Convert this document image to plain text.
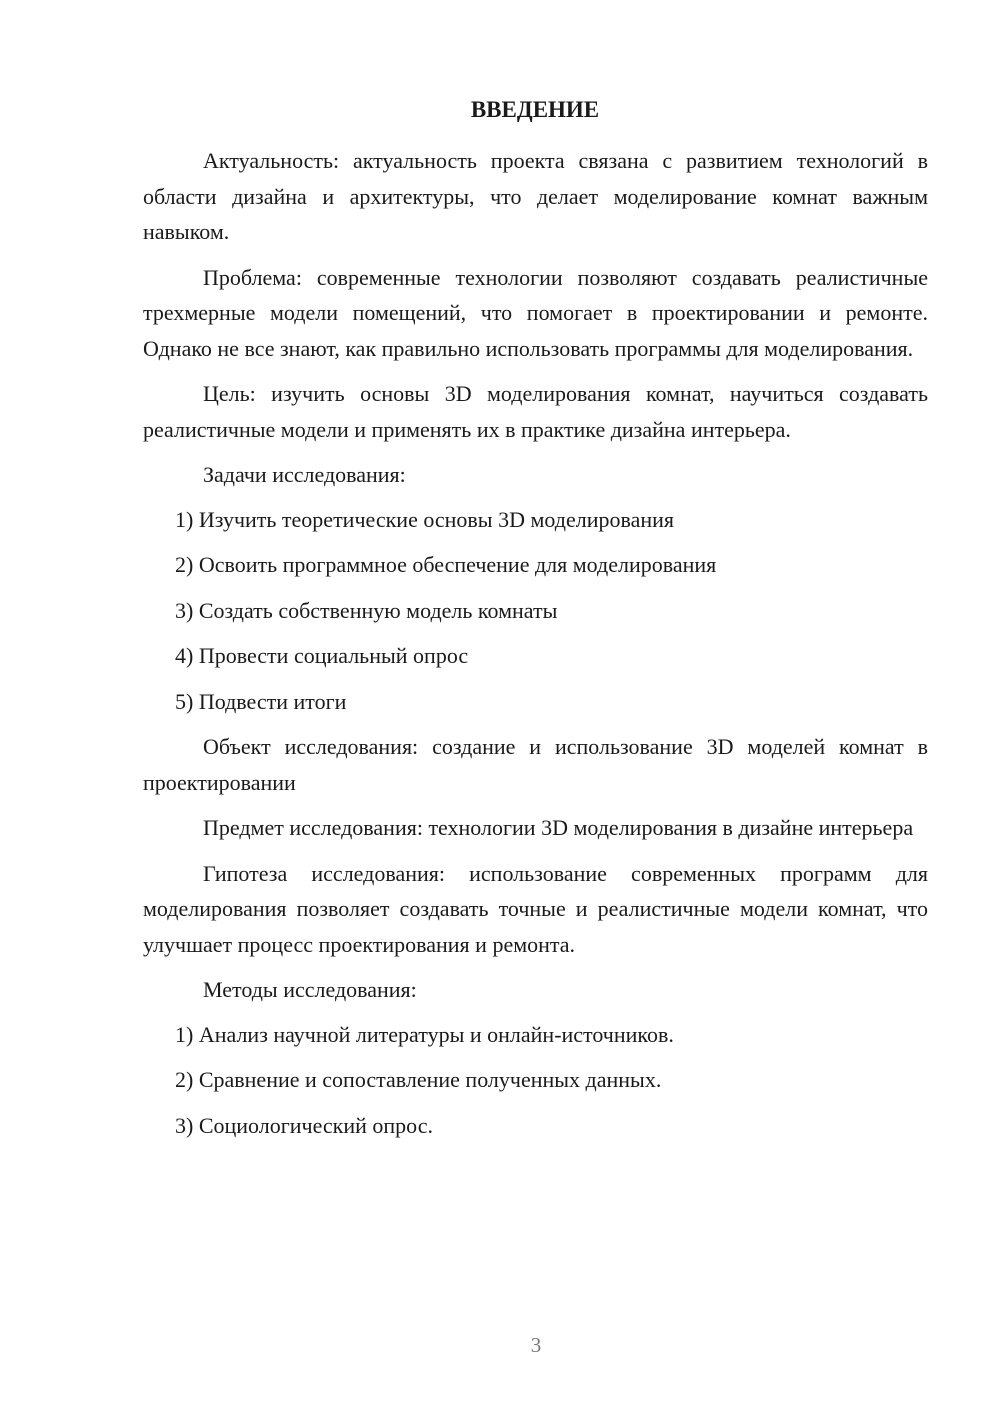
ВВЕДЕНИЕ

Актуальность: актуальность проекта связана с развитием технологий в области дизайна и архитектуры, что делает моделирование комнат важным навыком.

Проблема: современные технологии позволяют создавать реалистичные трехмерные модели помещений, что помогает в проектировании и ремонте. Однако не все знают, как правильно использовать программы для моделирования.

Цель: изучить основы 3D моделирования комнат, научиться создавать реалистичные модели и применять их в практике дизайна интерьера.

Задачи исследования:

1) Изучить теоретические основы 3D моделирования
2) Освоить программное обеспечение для моделирования
3) Создать собственную модель комнаты
4) Провести социальный опрос
5) Подвести итоги

Объект исследования: создание и использование 3D моделей комнат в проектировании

Предмет исследования: технологии 3D моделирования в дизайне интерьера

Гипотеза исследования: использование современных программ для моделирования позволяет создавать точные и реалистичные модели комнат, что улучшает процесс проектирования и ремонта.

Методы исследования:

1) Анализ научной литературы и онлайн-источников.
2) Сравнение и сопоставление полученных данных.
3) Социологический опрос.
3
